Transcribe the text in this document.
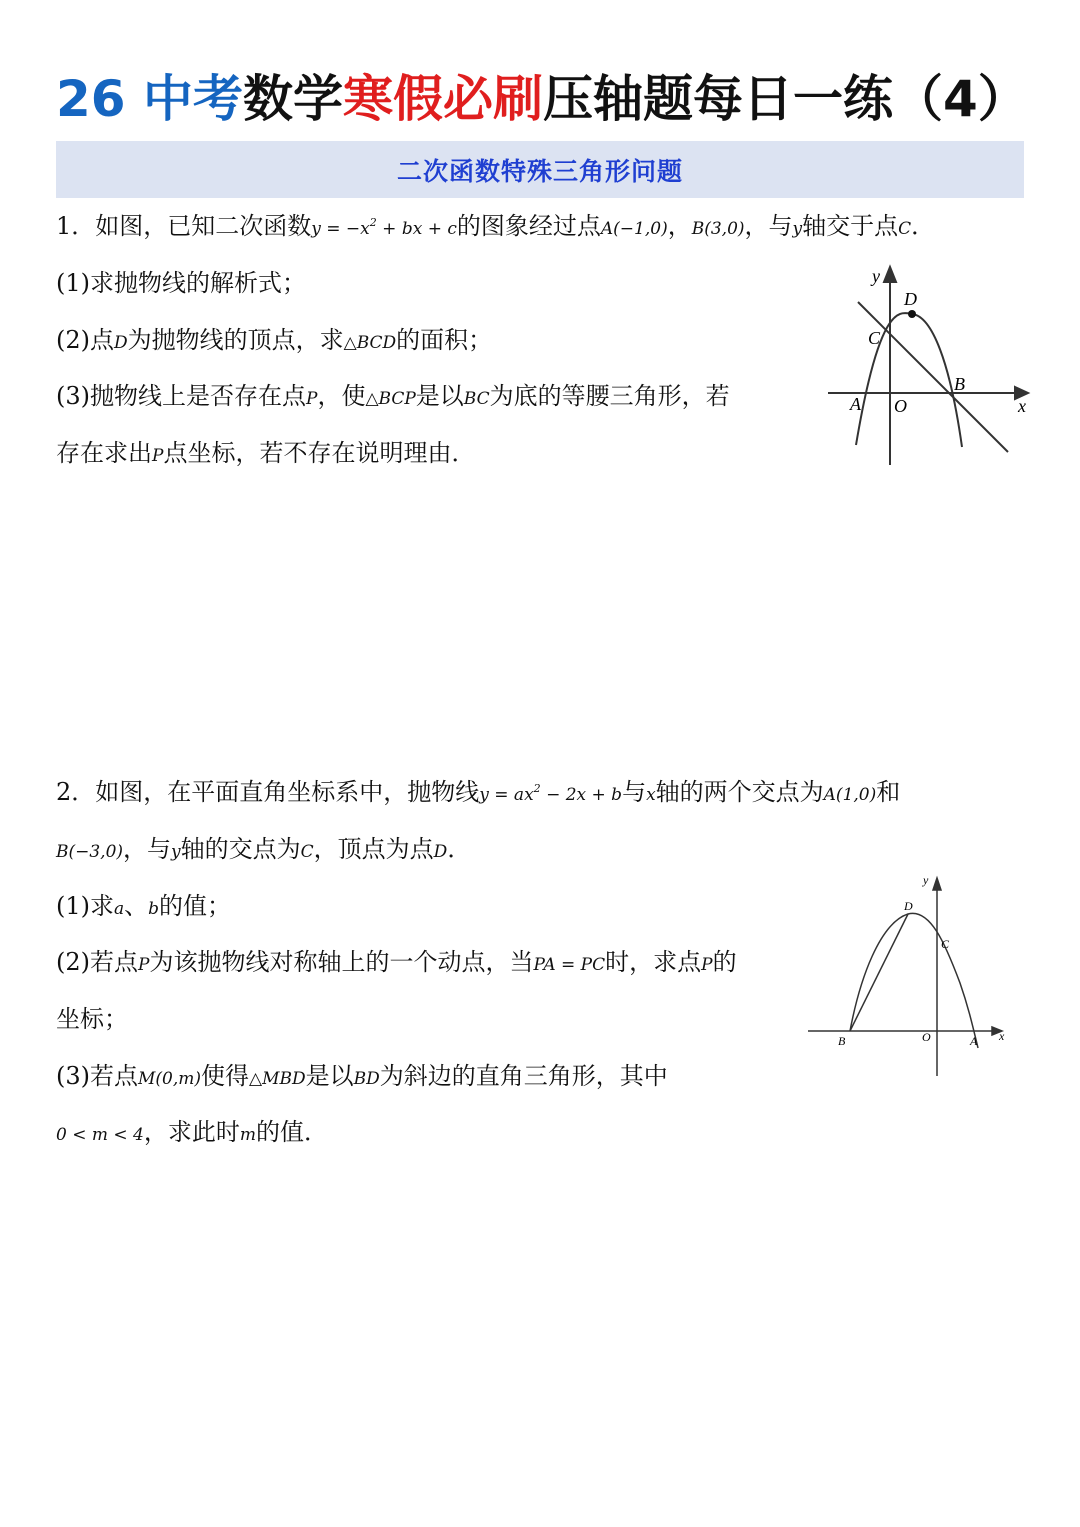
26 中考数学寒假必刷压轴题每日一练（4）
二次函数特殊三角形问题
1．如图，已知二次函数$y = -x^2$ + bx + c的图象经过点A(−1,0)，B(3,0)，与y轴交于点C．
(1)求抛物线的解析式；
(2)点D为抛物线的顶点，求△BCD的面积；
(3)抛物线上是否存在点P，使△BCP是以BC为底的等腰三角形，若
存在求出P点坐标，若不存在说明理由．
y
D
C
B
A O	x
2．如图，在平面直角坐标系中，抛物线$y = ax^2 - 2x + b$与x轴的两个交点为A(1,0)和
B(−3,0)，与y轴的交点为C，顶点为点D．
(1)求a、b的值；
(2)若点P为该抛物线对称轴上的一个动点，当PA = PC时，求点P的
坐标；
(3)若点M(0,m)使得△MBD是以BD为斜边的直角三角形，其中
0 < m < 4，求此时m的值．
y
D
C
B	O	A x
